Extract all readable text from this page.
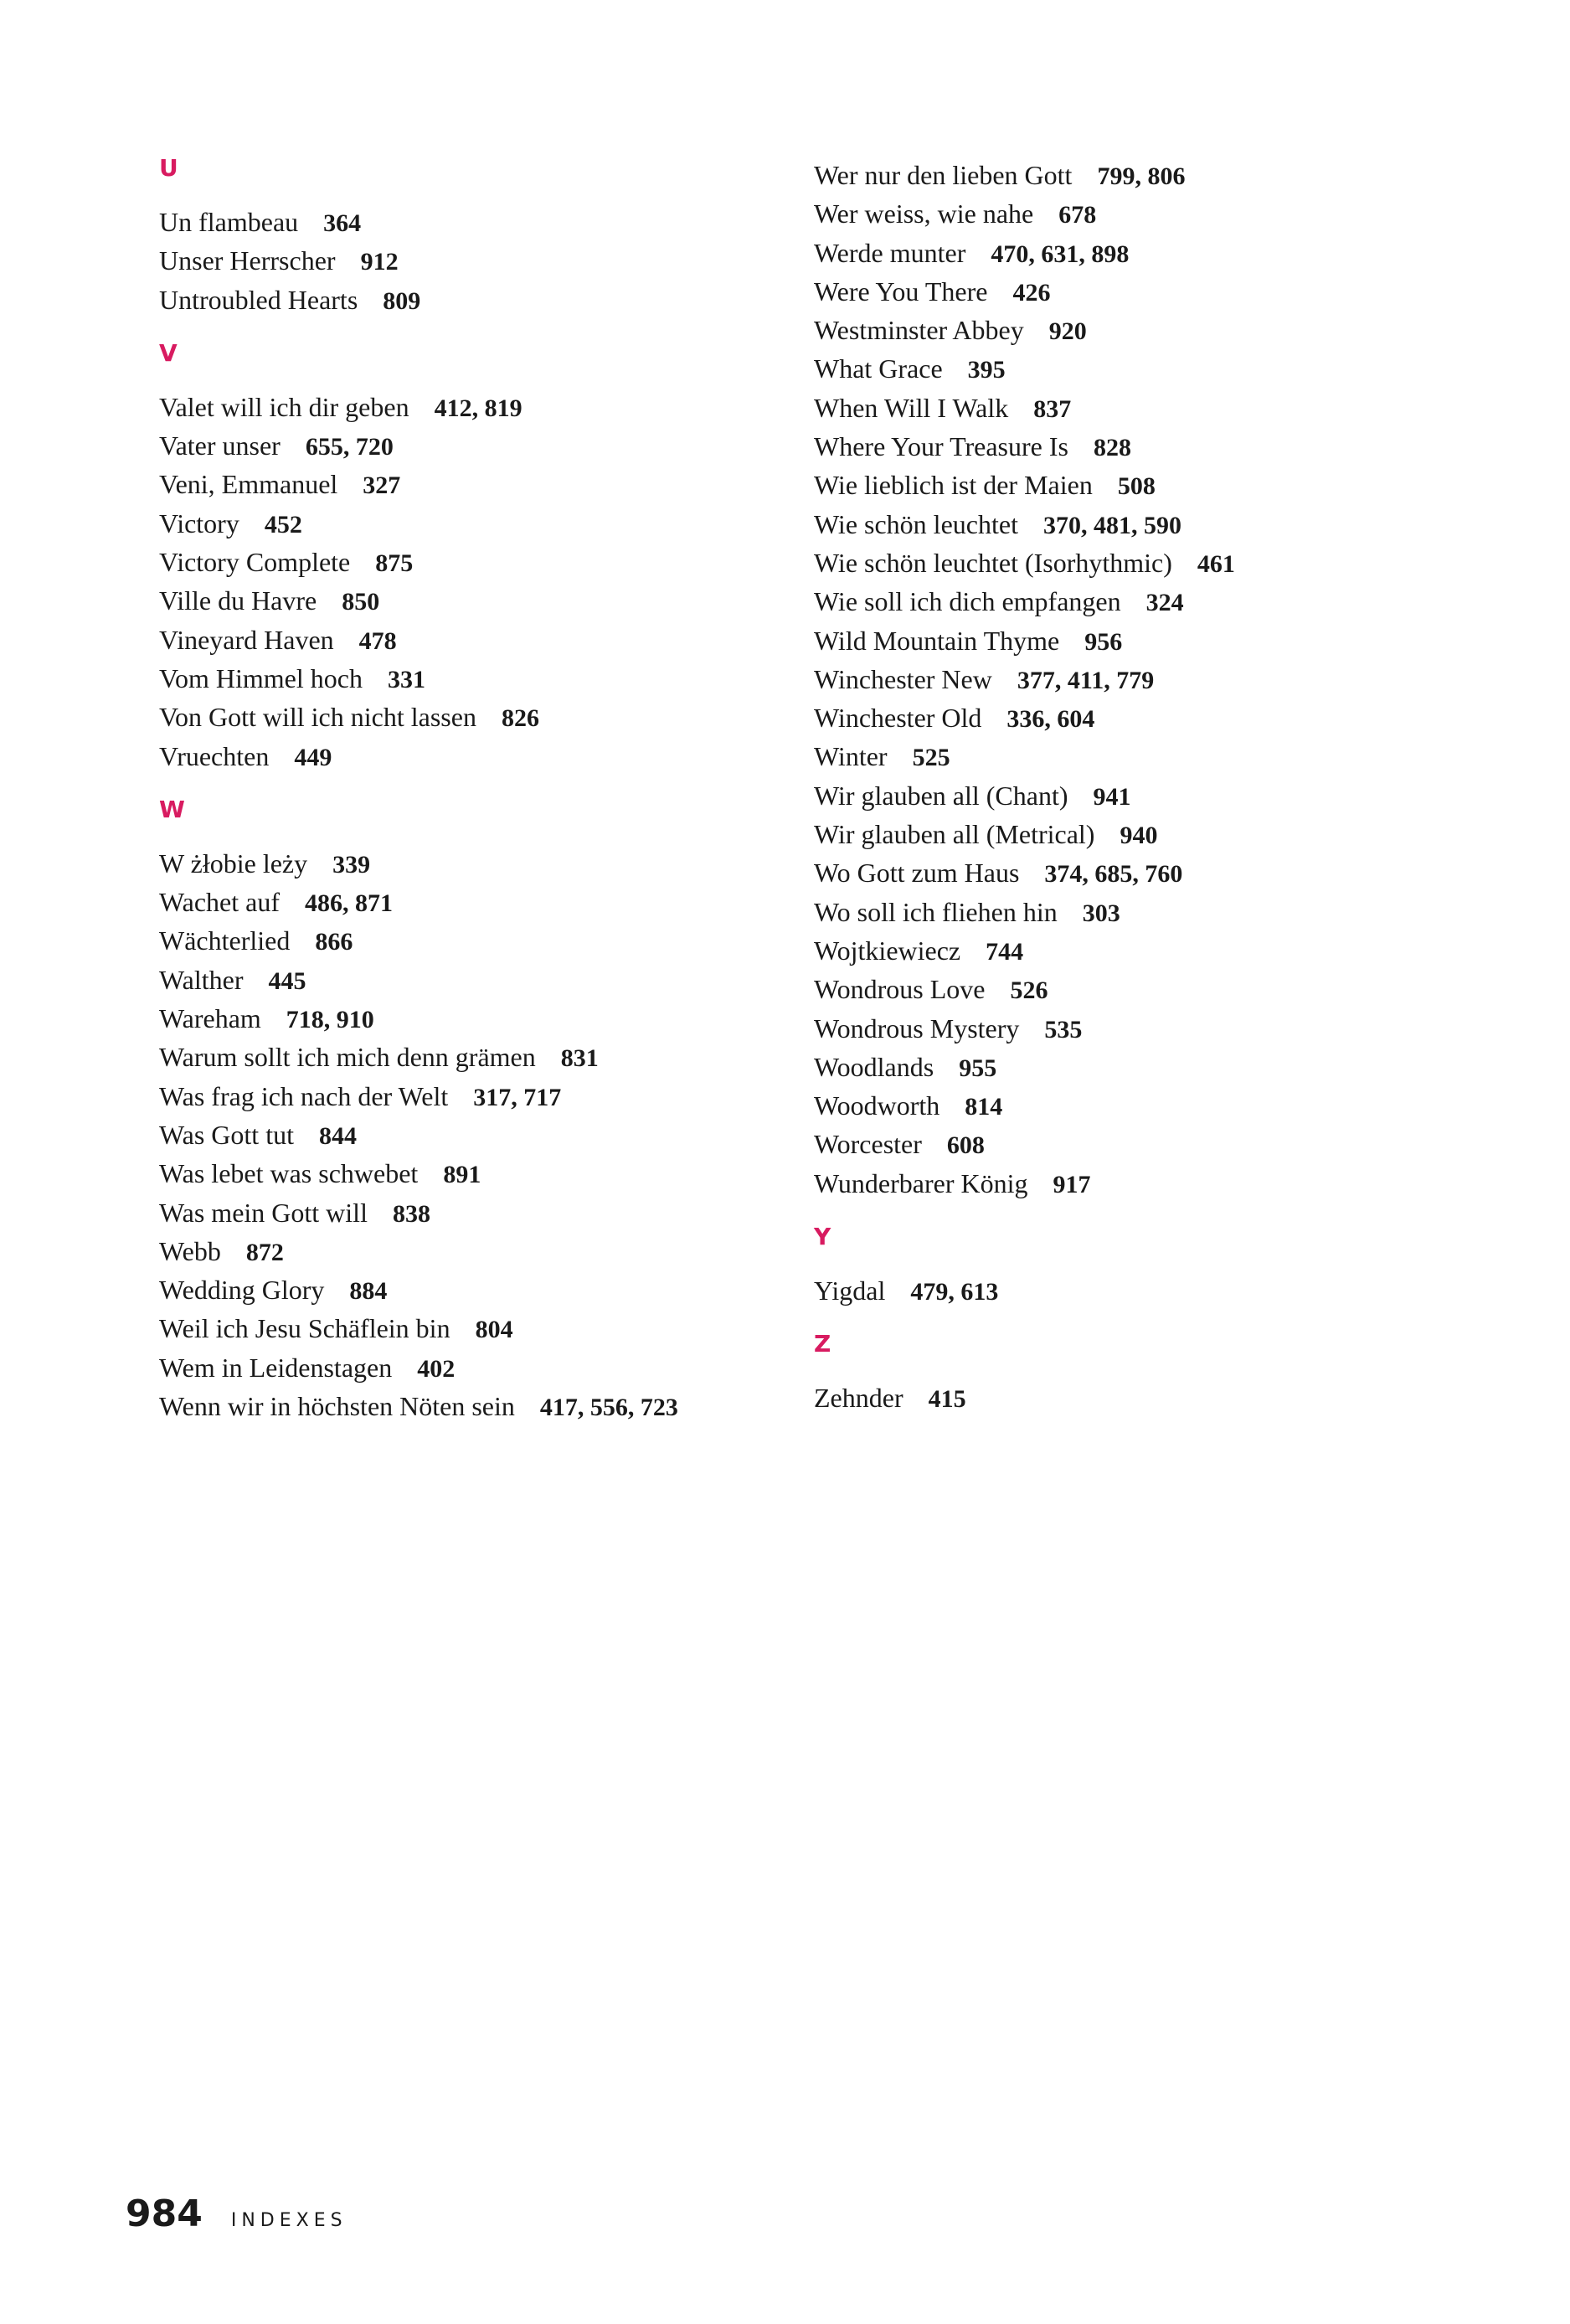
U
Un flambeau 364
Unser Herrscher 912
Untroubled Hearts 809
V
Valet will ich dir geben 412, 819
Vater unser 655, 720
Veni, Emmanuel 327
Victory 452
Victory Complete 875
Ville du Havre 850
Vineyard Haven 478
Vom Himmel hoch 331
Von Gott will ich nicht lassen 826
Vruechten 449
W
W żłobie leży 339
Wachet auf 486, 871
Wächterlied 866
Walther 445
Wareham 718, 910
Warum sollt ich mich denn grämen 831
Was frag ich nach der Welt 317, 717
Was Gott tut 844
Was lebet was schwebet 891
Was mein Gott will 838
Webb 872
Wedding Glory 884
Weil ich Jesu Schäflein bin 804
Wem in Leidenstagen 402
Wenn wir in höchsten Nöten sein 417, 556, 723
Wer nur den lieben Gott 799, 806
Wer weiss, wie nahe 678
Werde munter 470, 631, 898
Were You There 426
Westminster Abbey 920
What Grace 395
When Will I Walk 837
Where Your Treasure Is 828
Wie lieblich ist der Maien 508
Wie schön leuchtet 370, 481, 590
Wie schön leuchtet (Isorhythmic) 461
Wie soll ich dich empfangen 324
Wild Mountain Thyme 956
Winchester New 377, 411, 779
Winchester Old 336, 604
Winter 525
Wir glauben all (Chant) 941
Wir glauben all (Metrical) 940
Wo Gott zum Haus 374, 685, 760
Wo soll ich fliehen hin 303
Wojtkiewiecz 744
Wondrous Love 526
Wondrous Mystery 535
Woodlands 955
Woodworth 814
Worcester 608
Wunderbarer König 917
Y
Yigdal 479, 613
Z
Zehnder 415
984 INDEXES
